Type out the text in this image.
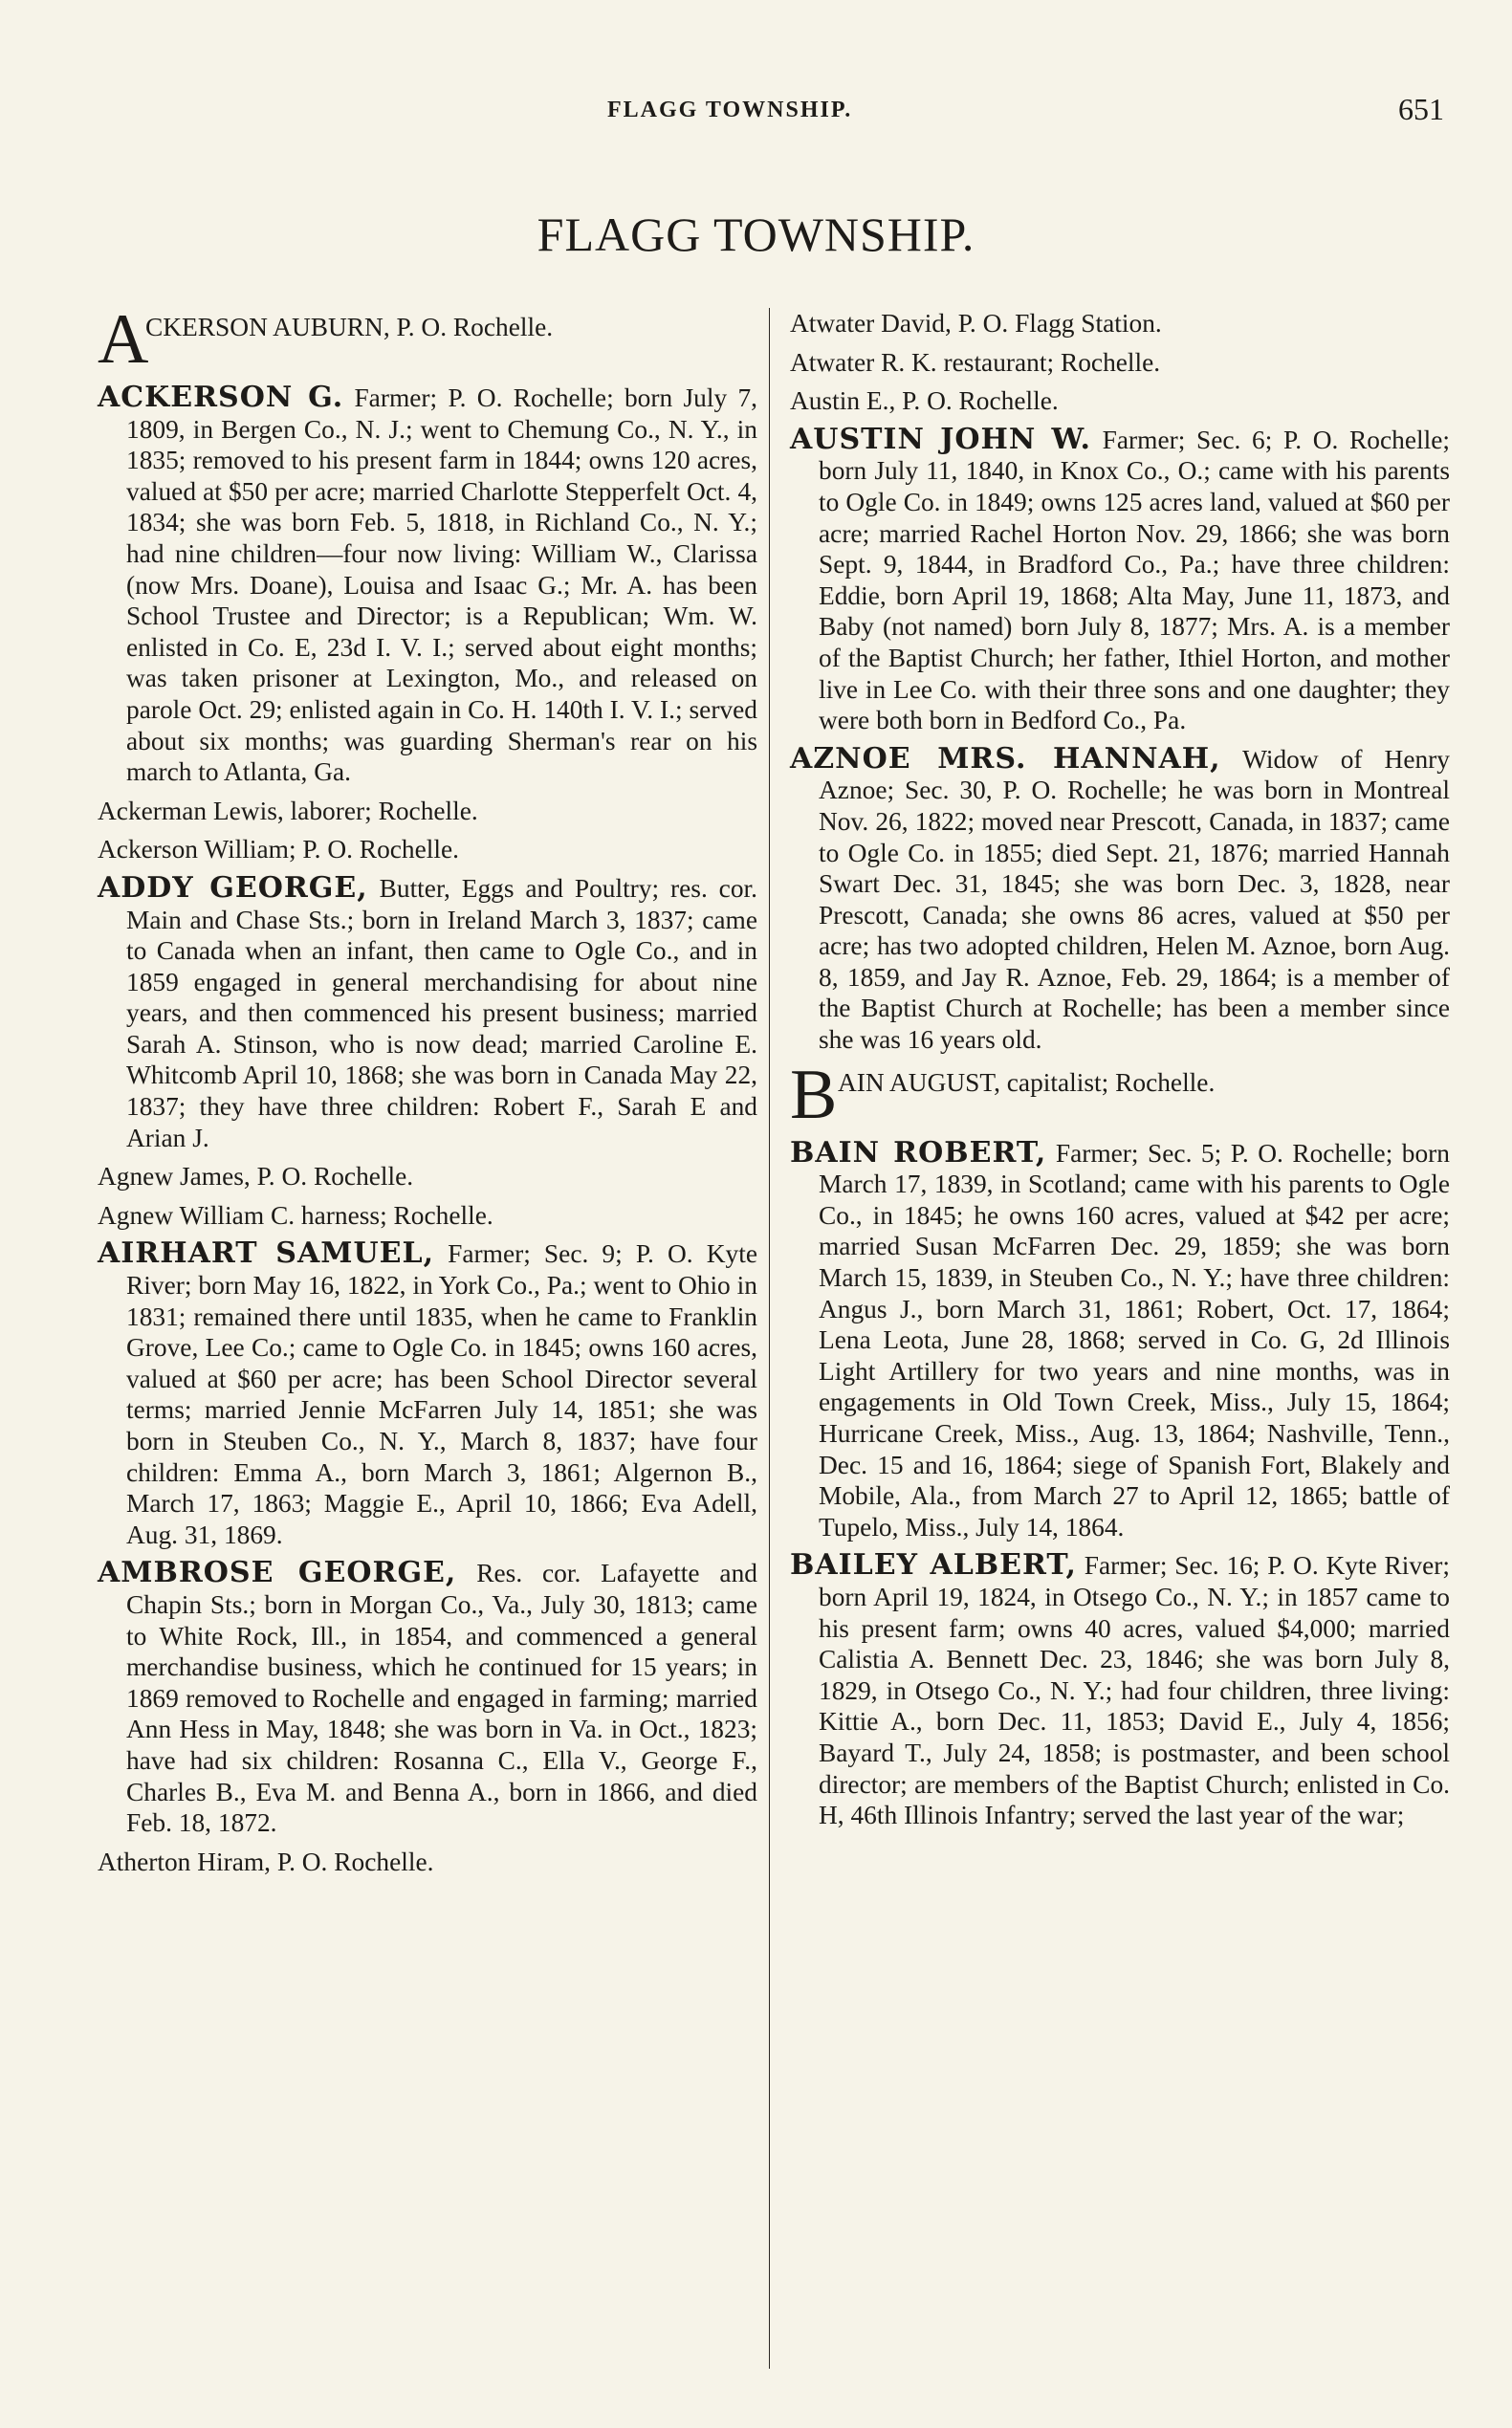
FLAGG TOWNSHIP.	651
FLAGG TOWNSHIP.
A
CKERSON AUBURN, P. O. Rochelle.

ACKERSON G. Farmer; P. O. Rochelle; born July 7, 1809, in Bergen Co., N. J.; went to Chemung Co., N. Y., in 1835; removed to his present farm in 1844; owns 120 acres, valued at $50 per acre; married Charlotte Stepperfelt Oct. 4, 1834; she was born Feb. 5, 1818, in Richland Co., N. Y.; had nine children—four now living: William W., Clarissa (now Mrs. Doane), Louisa and Isaac G.; Mr. A. has been School Trustee and Director; is a Republican; Wm. W. enlisted in Co. E, 23d I. V. I.; served about eight months; was taken prisoner at Lexington, Mo., and released on parole Oct. 29; enlisted again in Co. H. 140th I. V. I.; served about six months; was guarding Sherman's rear on his march to Atlanta, Ga.

Ackerman Lewis, laborer; Rochelle.

Ackerson William; P. O. Rochelle.

ADDY GEORGE, Butter, Eggs and Poultry; res. cor. Main and Chase Sts.; born in Ireland March 3, 1837; came to Canada when an infant, then came to Ogle Co., and in 1859 engaged in general merchandising for about nine years, and then commenced his present business; married Sarah A. Stinson, who is now dead; married Caroline E. Whitcomb April 10, 1868; she was born in Canada May 22, 1837; they have three children: Robert F., Sarah E and Arian J.

Agnew James, P. O. Rochelle.

Agnew William C. harness; Rochelle.

AIRHART SAMUEL, Farmer; Sec. 9; P. O. Kyte River; born May 16, 1822, in York Co., Pa.; went to Ohio in 1831; remained there until 1835, when he came to Franklin Grove, Lee Co.; came to Ogle Co. in 1845; owns 160 acres, valued at $60 per acre; has been School Director several terms; married Jennie McFarren July 14, 1851; she was born in Steuben Co., N. Y., March 8, 1837; have four children: Emma A., born March 3, 1861; Algernon B., March 17, 1863; Maggie E., April 10, 1866; Eva Adell, Aug. 31, 1869.

AMBROSE GEORGE, Res. cor. Lafayette and Chapin Sts.; born in Morgan Co., Va., July 30, 1813; came to White Rock, Ill., in 1854, and commenced a general merchandise business, which he continued for 15 years; in 1869 removed to Rochelle and engaged in farming; married Ann Hess in May, 1848; she was born in Va. in Oct., 1823; have had six children: Rosanna C., Ella V., George F., Charles B., Eva M. and Benna A., born in 1866, and died Feb. 18, 1872.

Atherton Hiram, P. O. Rochelle.

Atwater David, P. O. Flagg Station.

Atwater R. K. restaurant; Rochelle.

Austin E., P. O. Rochelle.

AUSTIN JOHN W. Farmer; Sec. 6; P. O. Rochelle; born July 11, 1840, in Knox Co., O.; came with his parents to Ogle Co. in 1849; owns 125 acres land, valued at $60 per acre; married Rachel Horton Nov. 29, 1866; she was born Sept. 9, 1844, in Bradford Co., Pa.; have three children: Eddie, born April 19, 1868; Alta May, June 11, 1873, and Baby (not named) born July 8, 1877; Mrs. A. is a member of the Baptist Church; her father, Ithiel Horton, and mother live in Lee Co. with their three sons and one daughter; they were both born in Bedford Co., Pa.

AZNOE MRS. HANNAH, Widow of Henry Aznoe; Sec. 30, P. O. Rochelle; he was born in Montreal Nov. 26, 1822; moved near Prescott, Canada, in 1837; came to Ogle Co. in 1855; died Sept. 21, 1876; married Hannah Swart Dec. 31, 1845; she was born Dec. 3, 1828, near Prescott, Canada; she owns 86 acres, valued at $50 per acre; has two adopted children, Helen M. Aznoe, born Aug. 8, 1859, and Jay R. Aznoe, Feb. 29, 1864; is a member of the Baptist Church at Rochelle; has been a member since she was 16 years old.

B AIN AUGUST, capitalist; Rochelle.

BAIN ROBERT, Farmer; Sec. 5; P. O. Rochelle; born March 17, 1839, in Scotland; came with his parents to Ogle Co., in 1845; he owns 160 acres, valued at $42 per acre; married Susan McFarren Dec. 29, 1859; she was born March 15, 1839, in Steuben Co., N. Y.; have three children: Angus J., born March 31, 1861; Robert, Oct. 17, 1864; Lena Leota, June 28, 1868; served in Co. G, 2d Illinois Light Artillery for two years and nine months, was in engagements in Old Town Creek, Miss., July 15, 1864; Hurricane Creek, Miss., Aug. 13, 1864; Nashville, Tenn., Dec. 15 and 16, 1864; siege of Spanish Fort, Blakely and Mobile, Ala., from March 27 to April 12, 1865; battle of Tupelo, Miss., July 14, 1864.

BAILEY ALBERT, Farmer; Sec. 16; P. O. Kyte River; born April 19, 1824, in Otsego Co., N. Y.; in 1857 came to his present farm; owns 40 acres, valued $4,000; married Calistia A. Bennett Dec. 23, 1846; she was born July 8, 1829, in Otsego Co., N. Y.; had four children, three living: Kittie A., born Dec. 11, 1853; David E., July 4, 1856; Bayard T., July 24, 1858; is postmaster, and been school director; are members of the Baptist Church; enlisted in Co. H, 46th Illinois Infantry; served the last year of the war;
